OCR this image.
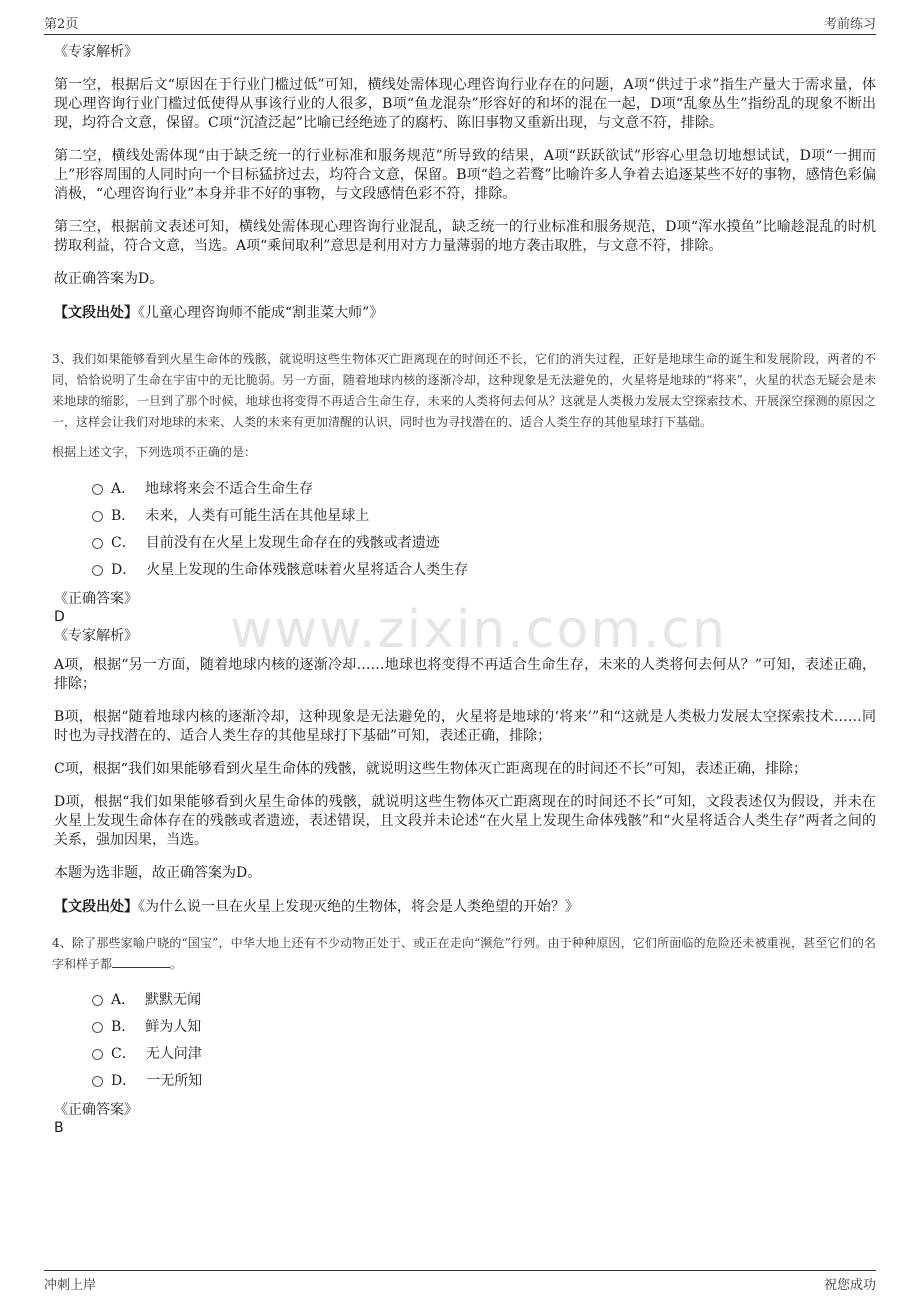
第2页	考前练习
www.zixin.com.cn
《专家解析》

第一空，根据后文“原因在于行业门槛过低”可知，横线处需体现心理咨询行业存在的问题，A项“供过于求”指生产量大于需求量，体现心理咨询行业门槛过低使得从事该行业的人很多，B项“鱼龙混杂”形容好的和坏的混在一起，D项“乱象丛生”指纷乱的现象不断出现，均符合文意，保留。C项“沉渣泛起”比喻已经绝迹了的腐朽、陈旧事物又重新出现，与文意不符，排除。

第二空，横线处需体现“由于缺乏统一的行业标准和服务规范”所导致的结果，A项“跃跃欲试”形容心里急切地想试试，D项“一拥而上”形容周围的人同时向一个目标猛挤过去，均符合文意，保留。B项“趋之若鹜”比喻许多人争着去追逐某些不好的事物，感情色彩偏消极，“心理咨询行业”本身并非不好的事物，与文段感情色彩不符，排除。

第三空，根据前文表述可知，横线处需体现心理咨询行业混乱，缺乏统一的行业标准和服务规范，D项“浑水摸鱼”比喻趁混乱的时机捞取利益，符合文意，当选。A项“乘间取利”意思是利用对方力量薄弱的地方袭击取胜，与文意不符，排除。

故正确答案为D。

【文段出处】《儿童心理咨询师不能成“割韭菜大师”》

3、我们如果能够看到火星生命体的残骸，就说明这些生物体灭亡距离现在的时间还不长，它们的消失过程，正好是地球生命的诞生和发展阶段，两者的不同，恰恰说明了生命在宇宙中的无比脆弱。另一方面，随着地球内核的逐渐冷却，这种现象是无法避免的，火星将是地球的“将来”，火星的状态无疑会是未来地球的缩影，一旦到了那个时候，地球也将变得不再适合生命生存，未来的人类将何去何从？这就是人类极力发展太空探索技术、开展深空探测的原因之一，这样会让我们对地球的未来、人类的未来有更加清醒的认识，同时也为寻找潜在的、适合人类生存的其他星球打下基础。

根据上述文字，下列选项不正确的是：
A． 地球将来会不适合生命生存
B． 未来，人类有可能生活在其他星球上
C． 目前没有在火星上发现生命存在的残骸或者遗迹
D． 火星上发现的生命体残骸意味着火星将适合人类生存
《正确答案》
D
《专家解析》

A项，根据“另一方面，随着地球内核的逐渐冷却……地球也将变得不再适合生命生存，未来的人类将何去何从？”可知，表述正确，排除；

B项，根据“随着地球内核的逐渐冷却，这种现象是无法避免的，火星将是地球的‘将来’”和“这就是人类极力发展太空探索技术……同时也为寻找潜在的、适合人类生存的其他星球打下基础”可知，表述正确，排除；

C项，根据“我们如果能够看到火星生命体的残骸，就说明这些生物体灭亡距离现在的时间还不长”可知，表述正确，排除；

D项，根据“我们如果能够看到火星生命体的残骸，就说明这些生物体灭亡距离现在的时间还不长”可知，文段表述仅为假设，并未在火星上发现生命体存在的残骸或者遗迹，表述错误，且文段并未论述“在火星上发现生命体残骸”和“火星将适合人类生存”两者之间的关系，强加因果，当选。

本题为选非题，故正确答案为D。

【文段出处】《为什么说一旦在火星上发现灭绝的生物体，将会是人类绝望的开始？》

4、除了那些家喻户晓的“国宝”，中华大地上还有不少动物正处于、或正在走向“濒危”行列。由于种种原因，它们所面临的危险还未被重视，甚至它们的名字和样子都	。

A． 默默无闻
B． 鲜为人知
C． 无人问津
D． 一无所知
《正确答案》
B
冲刺上岸	祝您成功
